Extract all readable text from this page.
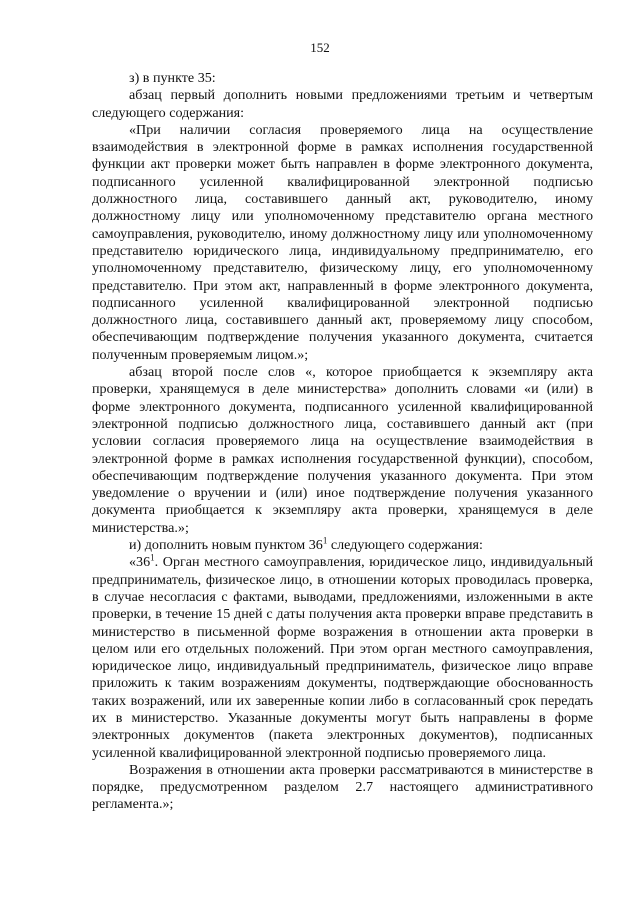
152

з) в пункте 35:

абзац первый дополнить новыми предложениями третьим и четвертым следующего содержания:

«При наличии согласия проверяемого лица на осуществление взаимодействия в электронной форме в рамках исполнения государственной функции акт проверки может быть направлен в форме электронного документа, подписанного усиленной квалифицированной электронной подписью должностного лица, составившего данный акт, руководителю, иному должностному лицу или уполномоченному представителю органа местного самоуправления, руководителю, иному должностному лицу или уполномоченному представителю юридического лица, индивидуальному предпринимателю, его уполномоченному представителю, физическому лицу, его уполномоченному представителю. При этом акт, направленный в форме электронного документа, подписанного усиленной квалифицированной электронной подписью должностного лица, составившего данный акт, проверяемому лицу способом, обеспечивающим подтверждение получения указанного документа, считается полученным проверяемым лицом.»;

абзац второй после слов «, которое приобщается к экземпляру акта проверки, хранящемуся в деле министерства» дополнить словами «и (или) в форме электронного документа, подписанного усиленной квалифицированной электронной подписью должностного лица, составившего данный акт (при условии согласия проверяемого лица на осуществление взаимодействия в электронной форме в рамках исполнения государственной функции), способом, обеспечивающим подтверждение получения указанного документа. При этом уведомление о вручении и (или) иное подтверждение получения указанного документа приобщается к экземпляру акта проверки, хранящемуся в деле министерства.»;

и) дополнить новым пунктом $36^1$ следующего содержания:

«$36^1$. Орган местного самоуправления, юридическое лицо, индивидуальный предприниматель, физическое лицо, в отношении которых проводилась проверка, в случае несогласия с фактами, выводами, предложениями, изложенными в акте проверки, в течение 15 дней с даты получения акта проверки вправе представить в министерство в письменной форме возражения в отношении акта проверки в целом или его отдельных положений. При этом орган местного самоуправления, юридическое лицо, индивидуальный предприниматель, физическое лицо вправе приложить к таким возражениям документы, подтверждающие обоснованность таких возражений, или их заверенные копии либо в согласованный срок передать их в министерство. Указанные документы могут быть направлены в форме электронных документов (пакета электронных документов), подписанных усиленной квалифицированной электронной подписью проверяемого лица.

Возражения в отношении акта проверки рассматриваются в министерстве в порядке, предусмотренном разделом 2.7 настоящего административного регламента.»;
